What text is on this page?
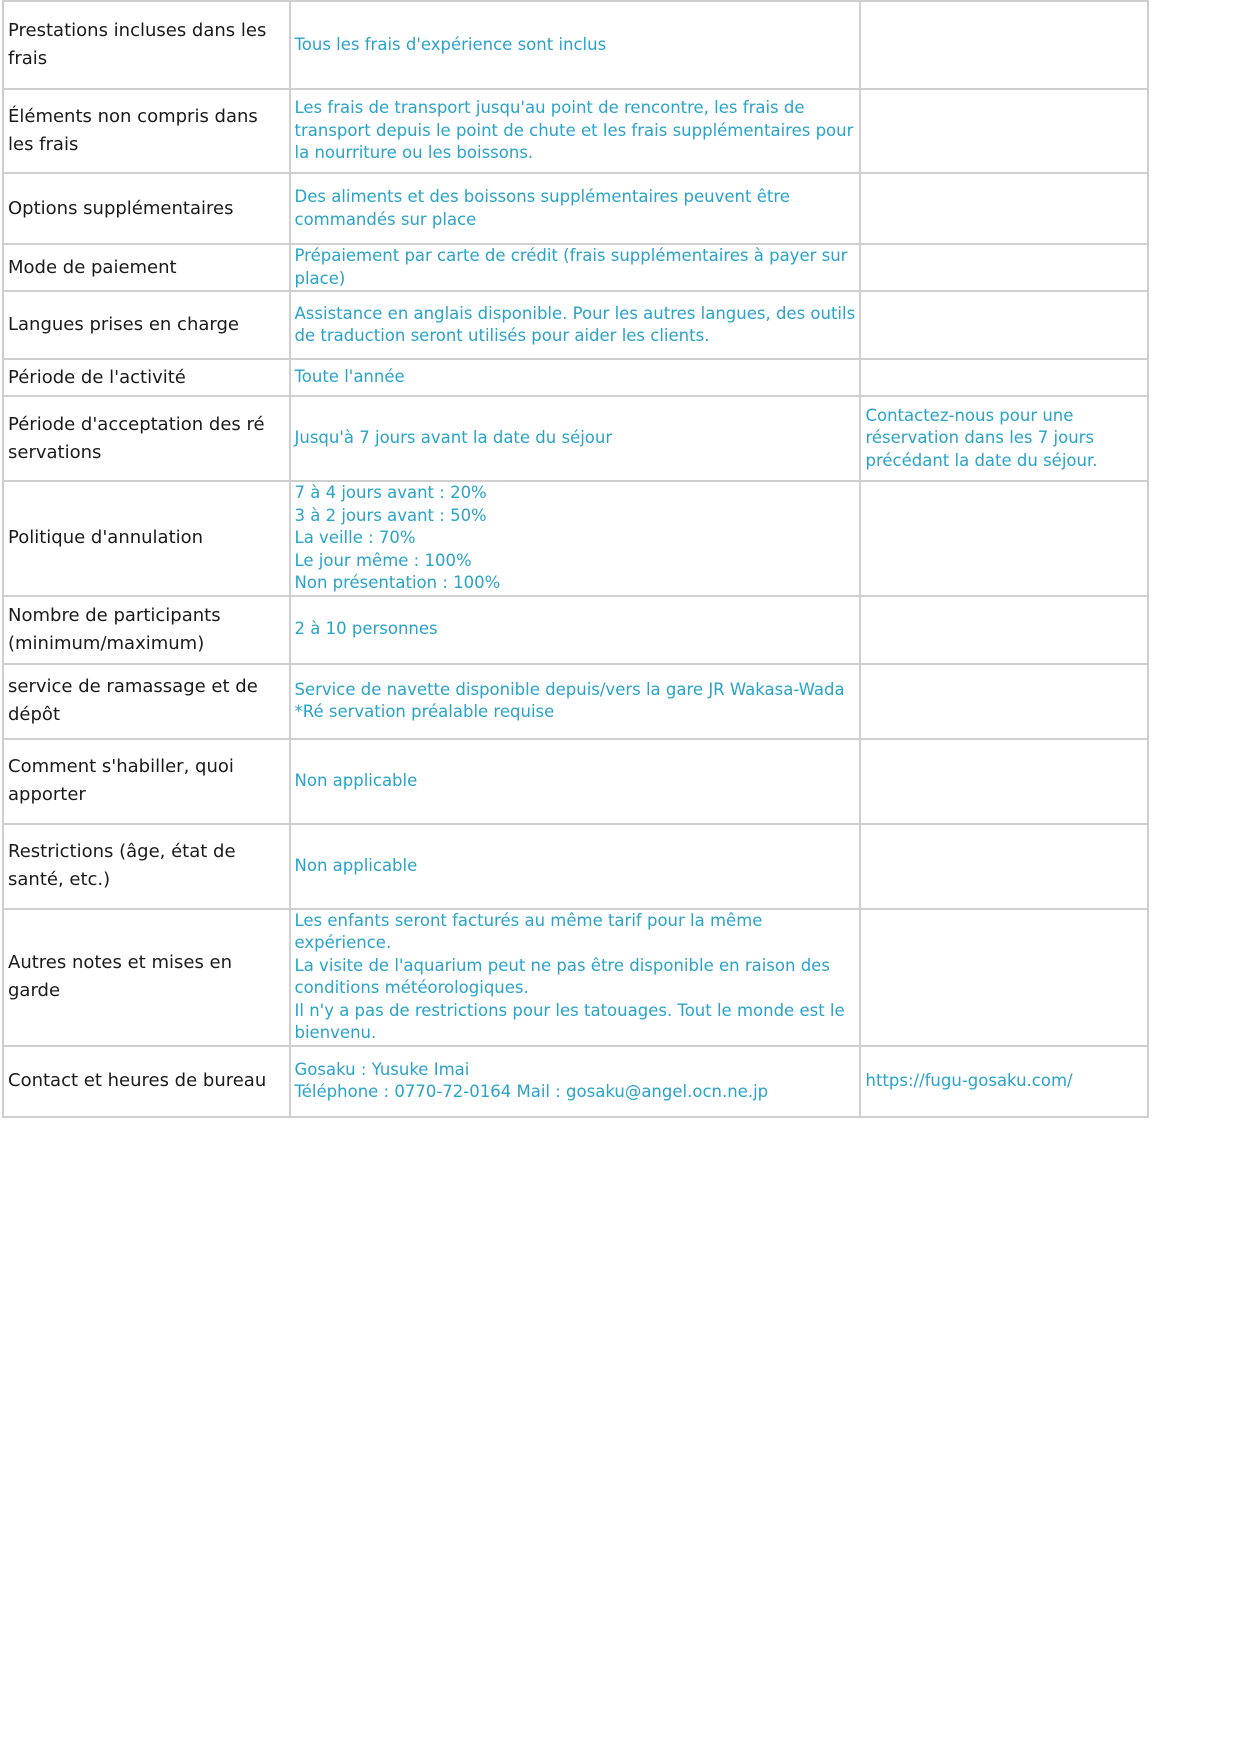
Prestations incluses dans les frais	Tous les frais d'expérience sont inclus	

Éléments non compris dans les frais	Les frais de transport jusqu'au point de rencontre, les frais de transport depuis le point de chute et les frais supplémentaires pour la nourriture ou les boissons.	

Options supplémentaires	Des aliments et des boissons supplémentaires peuvent être commandés sur place	

Mode de paiement	Prépaiement par carte de crédit (frais supplémentaires à payer sur place)	

Langues prises en charge	Assistance en anglais disponible. Pour les autres langues, des outils de traduction seront utilisés pour aider les clients.	

Période de l'activité	Toute l'année	

Période d'acceptation des ré servations	Jusqu'à 7 jours avant la date du séjour	Contactez-nous pour une réservation dans les 7 jours précédant la date du séjour.
Politique d'annulation	7 à 4 jours avant : 20%
3 à 2 jours avant : 50%
La veille : 70%
Le jour même : 100%
Non présentation : 100%	

Nombre de participants (minimum/maximum)	2 à 10 personnes	

service de ramassage et de dépôt	Service de navette disponible depuis/vers la gare JR Wakasa-Wada *Ré servation préalable requise	

Comment s'habiller, quoi apporter	Non applicable	

Restrictions (âge, état de santé, etc.)	Non applicable	

Autres notes et mises en garde	Les enfants seront facturés au même tarif pour la même expérience.
La visite de l'aquarium peut ne pas être disponible en raison des conditions météorologiques.
Il n'y a pas de restrictions pour les tatouages. Tout le monde est le bienvenu.	

Contact et heures de bureau	Gosaku : Yusuke Imai
Téléphone : 0770-72-0164 Mail : gosaku@angel.ocn.ne.jp	https://fugu-gosaku.com/
